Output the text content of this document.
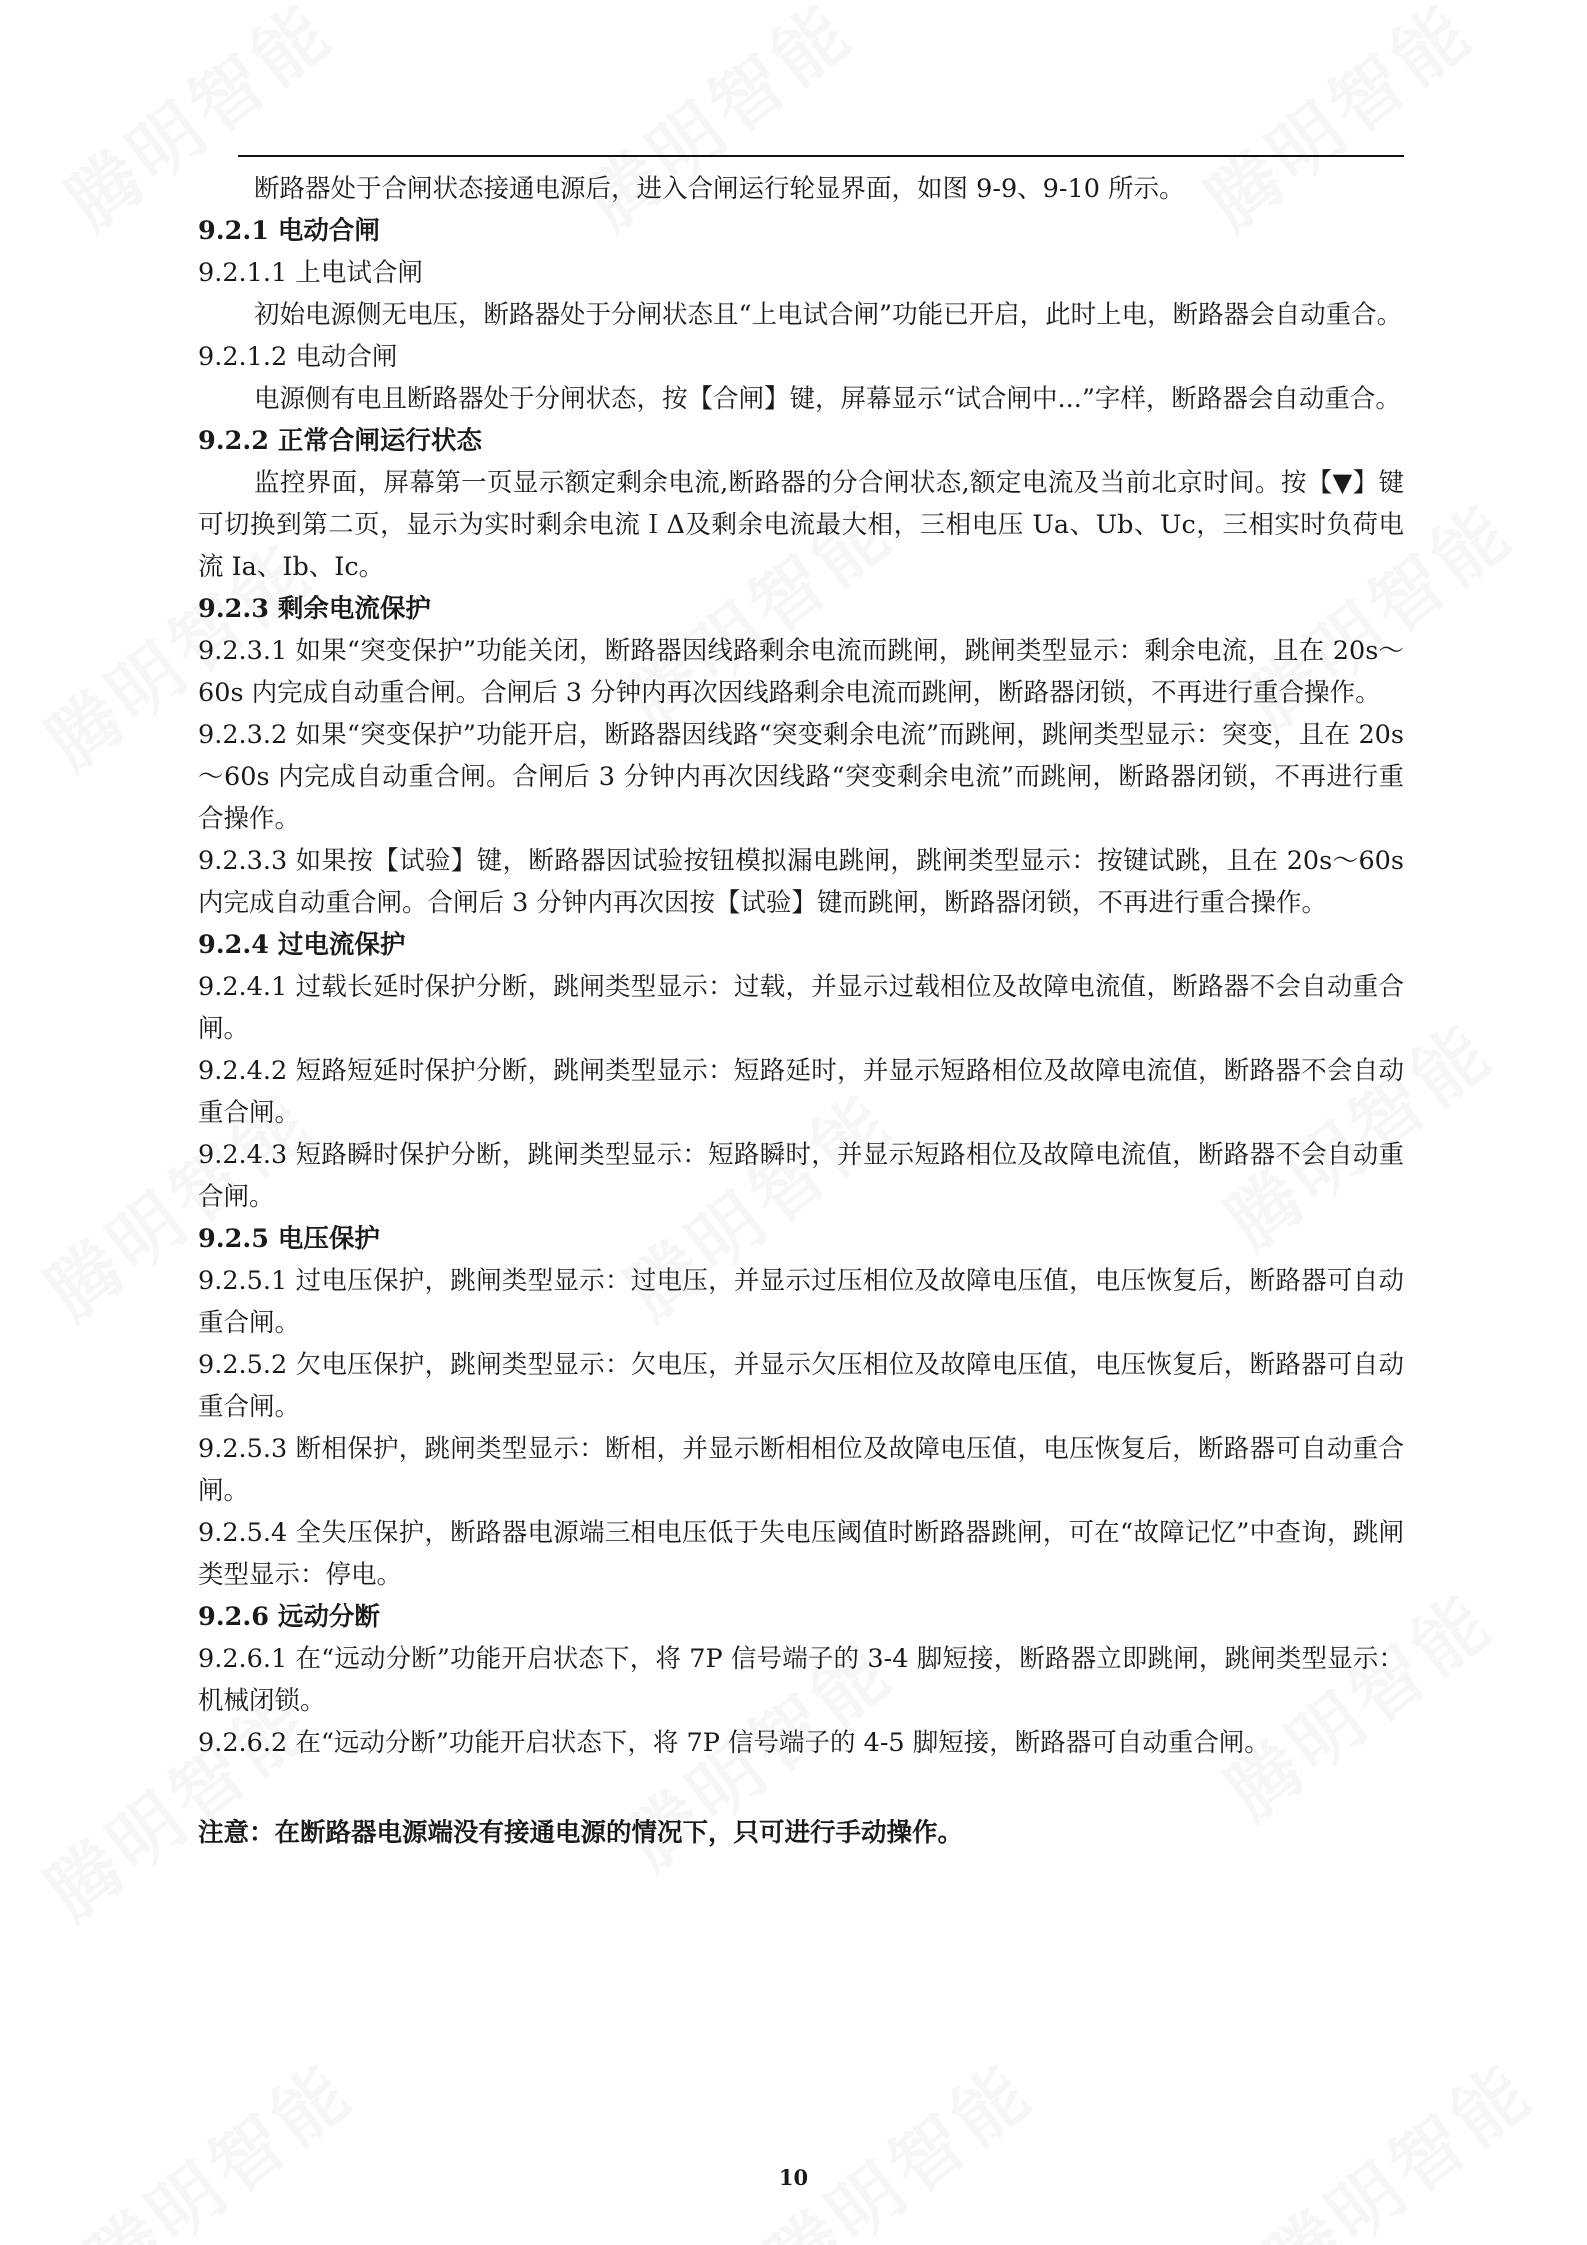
断路器处于合闸状态接通电源后，进入合闸运行轮显界面，如图 9-9、9-10 所示。

9.2.1 电动合闸

9.2.1.1 上电试合闸

初始电源侧无电压，断路器处于分闸状态且“上电试合闸”功能已开启，此时上电，断路器会自动重合。

9.2.1.2 电动合闸

电源侧有电且断路器处于分闸状态，按【合闸】键，屏幕显示“试合闸中...”字样，断路器会自动重合。

9.2.2 正常合闸运行状态

监控界面，屏幕第一页显示额定剩余电流,断路器的分合闸状态,额定电流及当前北京时间。按【▼】键可切换到第二页，显示为实时剩余电流ＩΔ及剩余电流最大相，三相电压 Ua、Ub、Uc，三相实时负荷电流 Ia、Ib、Ic。

9.2.3 剩余电流保护

9.2.3.1 如果“突变保护”功能关闭，断路器因线路剩余电流而跳闸，跳闸类型显示：剩余电流，且在 20s～60s 内完成自动重合闸。合闸后 3 分钟内再次因线路剩余电流而跳闸，断路器闭锁，不再进行重合操作。

9.2.3.2 如果“突变保护”功能开启，断路器因线路“突变剩余电流”而跳闸，跳闸类型显示：突变，且在 20s～60s 内完成自动重合闸。合闸后 3 分钟内再次因线路“突变剩余电流”而跳闸，断路器闭锁，不再进行重合操作。

9.2.3.3 如果按【试验】键，断路器因试验按钮模拟漏电跳闸，跳闸类型显示：按键试跳，且在 20s～60s 内完成自动重合闸。合闸后 3 分钟内再次因按【试验】键而跳闸，断路器闭锁，不再进行重合操作。

9.2.4 过电流保护

9.2.4.1 过载长延时保护分断，跳闸类型显示：过载，并显示过载相位及故障电流值，断路器不会自动重合闸。

9.2.4.2 短路短延时保护分断，跳闸类型显示：短路延时，并显示短路相位及故障电流值，断路器不会自动重合闸。

9.2.4.3 短路瞬时保护分断，跳闸类型显示：短路瞬时，并显示短路相位及故障电流值，断路器不会自动重合闸。

9.2.5 电压保护

9.2.5.1 过电压保护，跳闸类型显示：过电压，并显示过压相位及故障电压值，电压恢复后，断路器可自动重合闸。

9.2.5.2 欠电压保护，跳闸类型显示：欠电压，并显示欠压相位及故障电压值，电压恢复后，断路器可自动重合闸。

9.2.5.3 断相保护，跳闸类型显示：断相，并显示断相相位及故障电压值，电压恢复后，断路器可自动重合闸。

9.2.5.4 全失压保护，断路器电源端三相电压低于失电压阈值时断路器跳闸，可在“故障记忆”中查询，跳闸类型显示：停电。

9.2.6 远动分断

9.2.6.1 在“远动分断”功能开启状态下，将 7P 信号端子的 3-4 脚短接，断路器立即跳闸，跳闸类型显示：机械闭锁。

9.2.6.2 在“远动分断”功能开启状态下，将 7P 信号端子的 4-5 脚短接，断路器可自动重合闸。

注意：在断路器电源端没有接通电源的情况下，只可进行手动操作。

10
